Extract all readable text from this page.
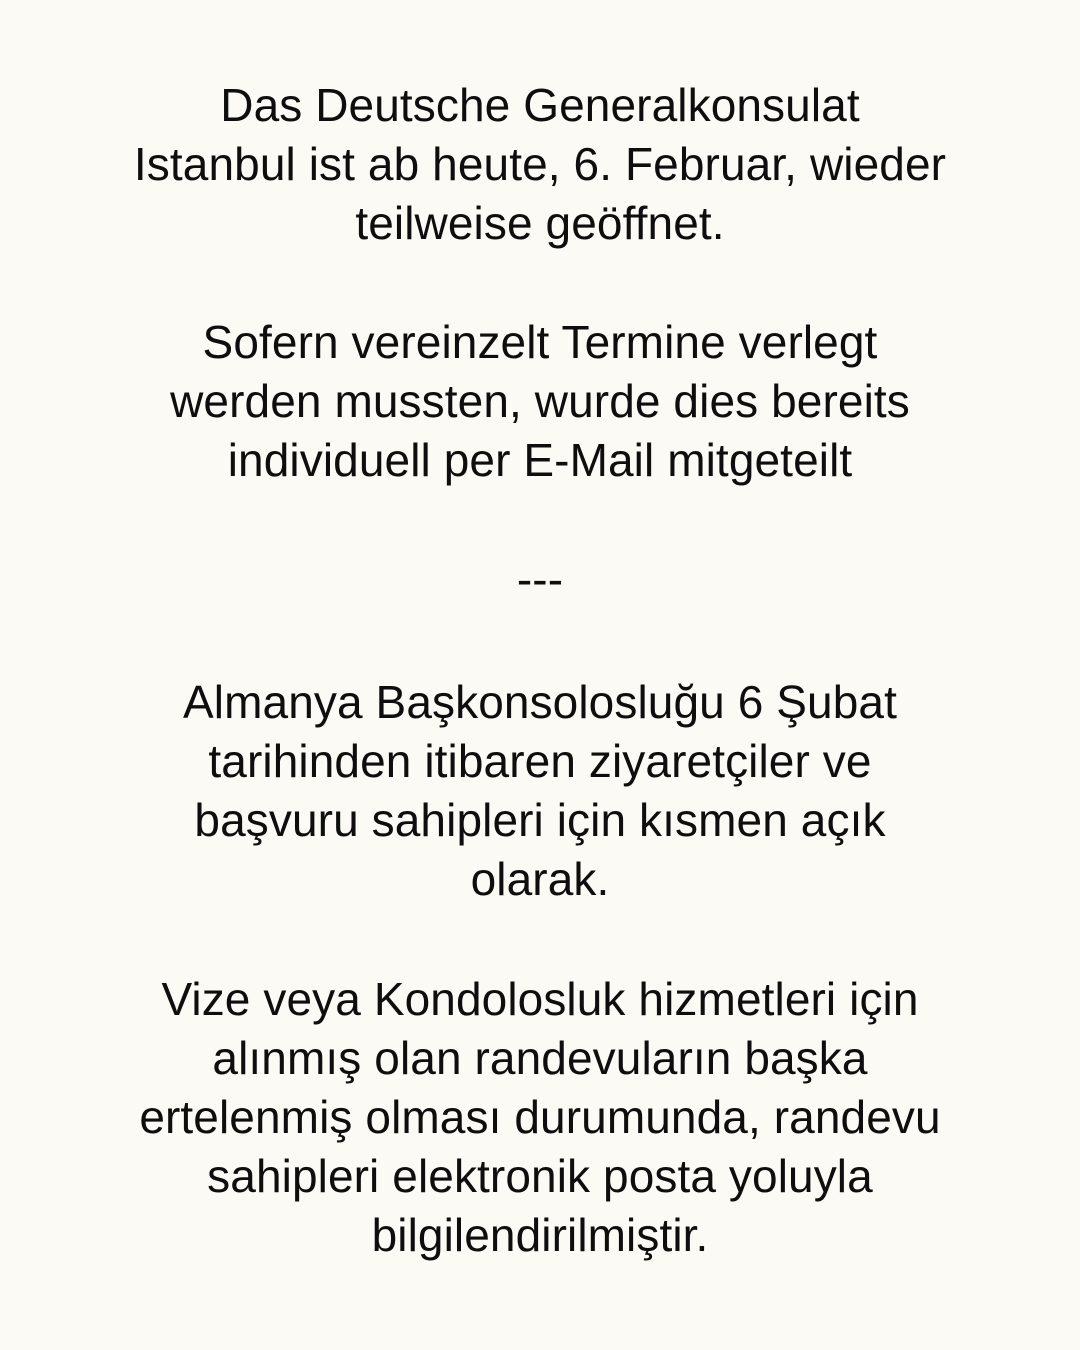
Das Deutsche Generalkonsulat
Istanbul ist ab heute, 6. Februar, wieder
teilweise geöffnet.

Sofern vereinzelt Termine verlegt
werden mussten, wurde dies bereits
individuell per E-Mail mitgeteilt

---

Almanya Başkonsolosluğu 6 Şubat
tarihinden itibaren ziyaretçiler ve
başvuru sahipleri için kısmen açık
olarak.

Vize veya Kondolosluk hizmetleri için
alınmış olan randevuların başka
ertelenmiş olması durumunda, randevu
sahipleri elektronik posta yoluyla
bilgilendirilmiştir.
